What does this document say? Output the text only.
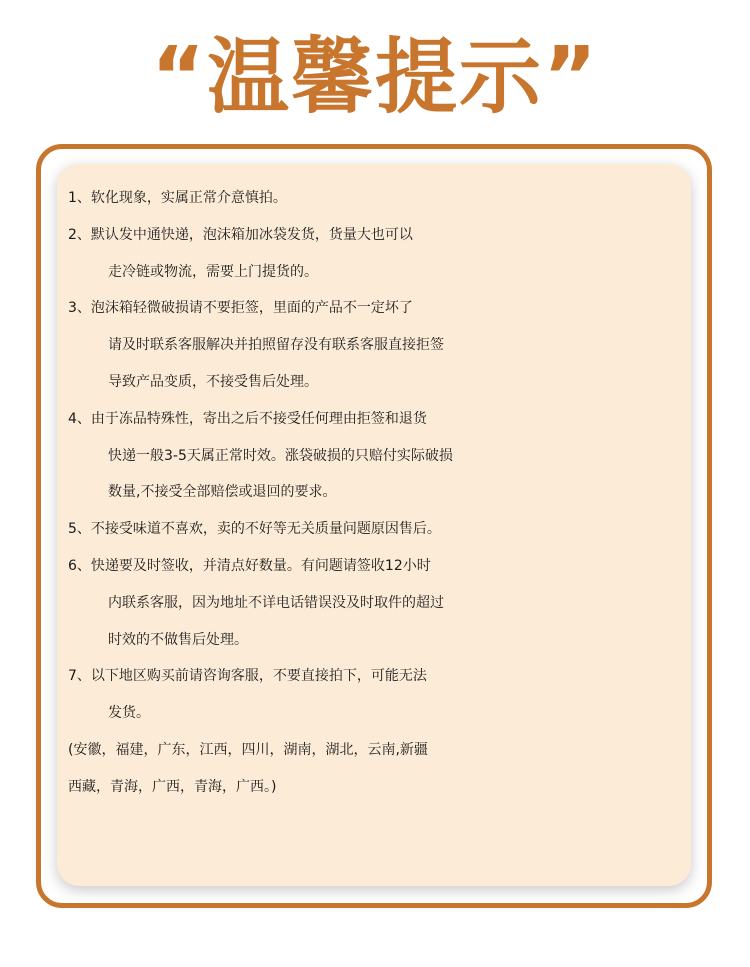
“温馨提示”
1、软化现象，实属正常介意慎拍。
2、默认发中通快递，泡沫箱加冰袋发货，货量大也可以
走冷链或物流，需要上门提货的。
3、泡沫箱轻微破损请不要拒签，里面的产品不一定坏了
请及时联系客服解决并拍照留存没有联系客服直接拒签
导致产品变质，不接受售后处理。
4、由于冻品特殊性，寄出之后不接受任何理由拒签和退货
快递一般3-5天属正常时效。涨袋破损的只赔付实际破损
数量,不接受全部赔偿或退回的要求。
5、不接受味道不喜欢，卖的不好等无关质量问题原因售后。
6、快递要及时签收，并清点好数量。有问题请签收12小时
内联系客服，因为地址不详电话错误没及时取件的超过
时效的不做售后处理。
7、以下地区购买前请咨询客服，不要直接拍下，可能无法
发货。
(安徽，福建，广东，江西，四川，湖南，湖北，云南,新疆
西藏，青海，广西，青海，广西。)
